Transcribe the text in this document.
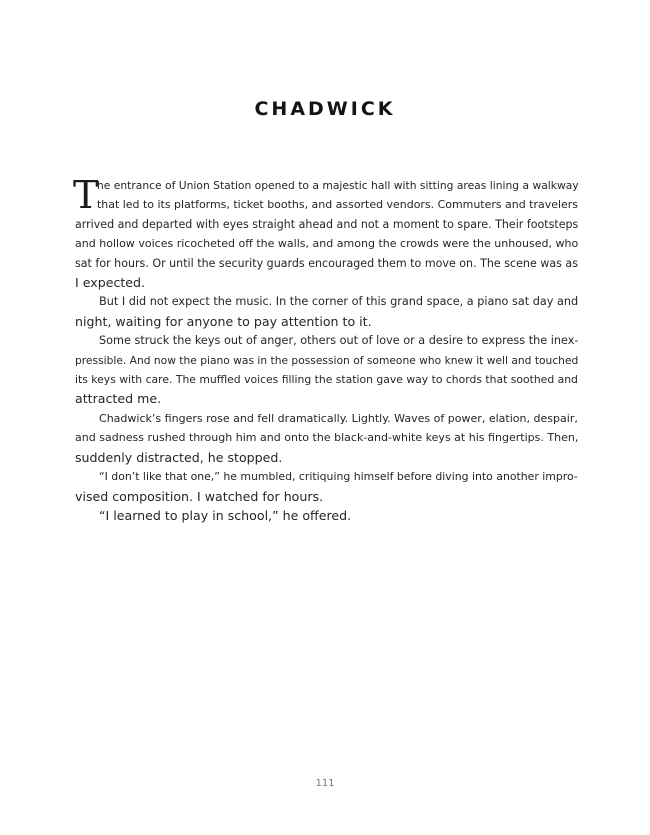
CHADWICK

T
he entrance of Union Station opened to a majestic hall with sitting areas lining a walkway
that led to its platforms, ticket booths, and assorted vendors. Commuters and travelers
arrived and departed with eyes straight ahead and not a moment to spare. Their footsteps
and hollow voices ricocheted off the walls, and among the crowds were the unhoused, who
sat for hours. Or until the security guards encouraged them to move on. The scene was as
I expected.

But I did not expect the music. In the corner of this grand space, a piano sat day and
night, waiting for anyone to pay attention to it.

Some struck the keys out of anger, others out of love or a desire to express the inex-
pressible. And now the piano was in the possession of someone who knew it well and touched
its keys with care. The muffled voices filling the station gave way to chords that soothed and
attracted me.

Chadwick’s fingers rose and fell dramatically. Lightly. Waves of power, elation, despair,
and sadness rushed through him and onto the black-and-white keys at his fingertips. Then,
suddenly distracted, he stopped.

“I don’t like that one,” he mumbled, critiquing himself before diving into another impro-
vised composition. I watched for hours.

“I learned to play in school,” he offered.

111
